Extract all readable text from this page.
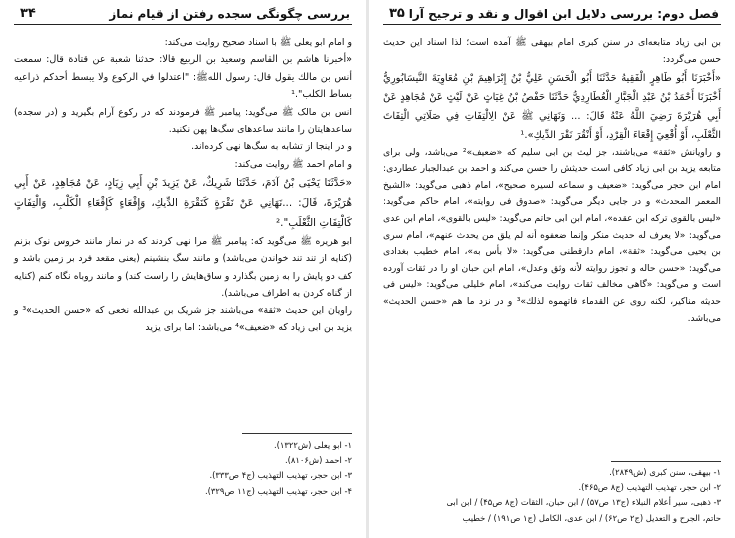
بررسی چگونگی سجده رفتن از قیام نماز
۳۴

و امام ابو یعلی ﷺ با اسناد صحیح روایت می‌کند:

«أخبرنا هاشم بن القاسم وسعید بن الربیع قالا: حدثنا شعبة عن قتادة قال: سمعت أنس بن مالك یقول قال: رسول اللهﷺ: "اعتدلوا في الرکوع ولا یبسط أحدکم ذراعیه بساط الکلب".¹

انس بن مالک ﷺ می‌گوید: پیامبر ﷺ فرمودند که در رکوع آرام بگیرید و (در سجده) ساعدهایتان را مانند ساعدهای سگ‌ها پهن نکنید.

و در اینجا از تشابه به سگ‌ها نهی کرده‌اند.

و امام احمد ﷺ روایت می‌کند:

«حَدَّثَنَا یَحْیَى بْنُ آدَمَ، حَدَّثَنَا شَرِیكٌ، عَنْ یَزِیدَ بْنِ أَبِي زِیَادٍ، عَنْ مُجَاهِدٍ، عَنْ أَبِي هُرَیْرَةَ، قَالَ: ...نَهَانِي عَنْ نَقْرَةٍ كَنَقْرَةِ الدِّیكِ، وَإِقْعَاءٍ كَإِقْعَاءِ الْكَلْبِ، وَالْتِفَاتٍ كَالْتِفَاتِ الثَّعْلَبِ".²

ابو هریره ﷺ می‌گوید که: پیامبر ﷺ مرا نهی کردند که در نماز مانند خروس نوک بزنم (کنایه از تند تند خواندن می‌باشد) و مانند سگ بنشینم (یعنی مقعد فرد بر زمین باشد و کف دو پایش را به زمین بگذارد و ساق‌هایش را راست کند) و مانند روباه نگاه کنم (کنایه از گناه کردن به اطراف می‌باشد).

راویان این حدیث «ثقة» می‌باشند جز شریک بن عبدالله نخعی که «حسن الحدیث»³ و یزید بن ابی زیاد که «ضعیف»⁴ می‌باشد: اما برای یزید

۱- ابو یعلی (ش۱۳۲۲).
۲- احمد (ش۸۱۰۶).
۳- ابن حجر، تهذیب التهذیب (ج۴ ص۳۳۳).
۴- ابن حجر، تهذیب التهذیب (ج۱۱ ص۳۲۹).
فصل دوم: بررسی دلایل ابن اقوال و نقد و ترجیح آرا
۳۵

بن ابی زیاد متابعه‌ای در سنن کبری امام بیهقی ﷺ آمده است؛ لذا اسناد این حدیث حسن می‌گردد:

«أَخْبَرَنَا أَبُو طَاهِرٍ الْفَقِیهُ حَدَّثَنَا أَبُو الْحَسَنِ عَلِيُّ بْنُ إِبْرَاهِیمَ بْنِ مُعَاوِیَةَ النَّیسَابُورِيُّ أَخْبَرَنَا أَحْمَدُ بْنُ عَبْدِ الْجَبَّارِ الْعُطَارِدِيُّ حَدَّثَنَا حَفْصُ بْنُ غِیَاثٍ عَنْ لَیْثٍ عَنْ مُجَاهِدٍ عَنْ أَبِي هُرَیْرَةَ رَضِيَ اللَّهُ عَنْهُ قَالَ: ... وَنَهَانِي ﷺ عَنْ الِالْتِفَاتِ فِي صَلَاتِي الْتِفَاتَ الثَّعْلَبِ، أَوْ أُقْعِيَ إِقْعَاءَ الْقِرْدِ، أَوْ أَنْقُرَ نَقْرَ الدِّیكِ».¹

و راویانش «ثقة» می‌باشند، جز لیث بن ابی سلیم که «ضعیف»² می‌باشد، ولی برای متابعه یزید بن ابی زیاد کافی است حدیثش را حسن می‌کند و احمد بن عبدالجبار عطاردی: امام ابن حجر می‌گوید: «ضعیف و سماعه لسیره صحیح»، امام ذهبی می‌گوید: «الشیخ المعمر المحدث» و در جایی دیگر می‌گوید: «صدوق فی روایته»، امام حاکم می‌گوید: «لیس بالقوی ترکه ابن عقده»، امام ابن ابی حاتم می‌گوید: «لیس بالقوی»، امام ابن عدی می‌گوید: «لا یعرف له حدیث منکر وإنما ضعفوه أنه لم یلق من یحدث عنهم»، امام سری بن یحیی می‌گوید: «ثقة»، امام دارقطنی می‌گوید: «لا بأس به»، امام خطیب بغدادی می‌گوید: «حسن حاله و تجوز روایته لأنه وثق وعدل»، امام ابن حبان او را در ثقات آورده است و می‌گوید: «گاهی مخالف ثقات روایت می‌کند»، امام خلیلی می‌گوید: «لیس فی حدیثه مناکیر، لکنه روی عن القدماء فاتهموه لذلك»³ و در نزد ما هم «حسن الحدیث» می‌باشد.

۱- بیهقی، سنن کبری (ش۲۸۴۹).
۲- ابن حجر، تهذیب التهذیب (ج۸ ص۴۶۵).
۳- ذهبی، سیر أعلام النبلاء (ج۱۳ ص۵۷) / ابن حبان، الثقات (ج۸ ص۴۵) / ابن ابی
حاتم، الجرح و التعدیل (ج۲ ص۶۲) / ابن عدی، الکامل (ج۱ ص۱۹۱) / خطیب
